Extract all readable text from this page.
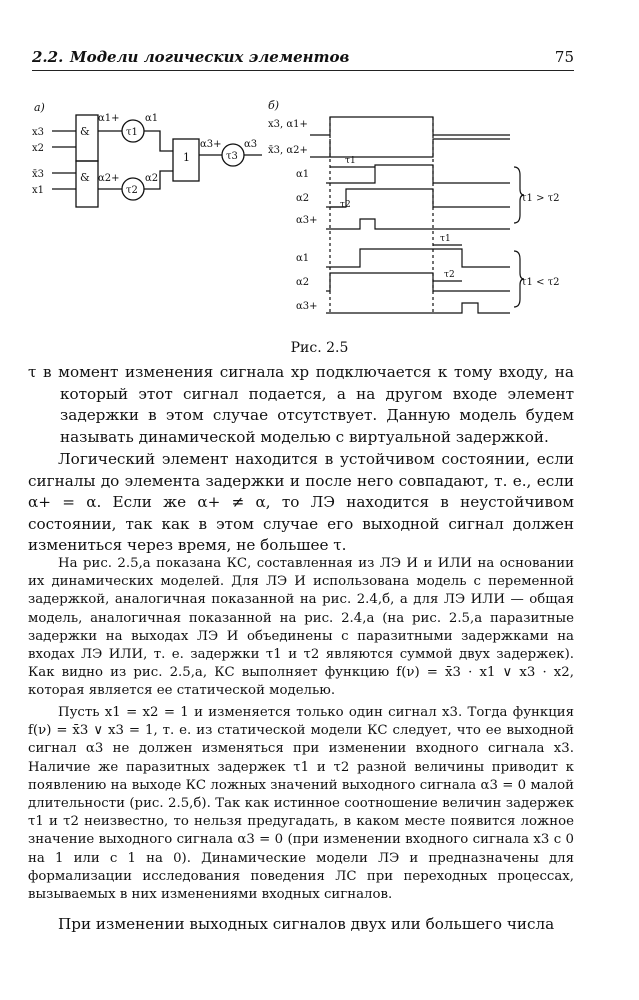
2.2. Модели логических элементов	75
а)
&
&
1
τ1
τ2
τ3
x3
x2
x̄3
x1
α1+
α2+
α1
α2
α3+ α3
б)
x3, α1+
x̄3, α2+
α1
α2
α3+
α1
α2
α3+
τ1
τ2
τ1
τ2
τ1 > τ2
τ1 < τ2
Рис. 2.5

τ в момент изменения сигнала xp подключается к тому входу, на который этот сигнал подается, а на другом входе элемент задержки в этом случае отсутствует. Данную модель будем называть динамической моделью с виртуальной задержкой.

Логический элемент находится в устойчивом состоянии, если сигналы до элемента задержки и после него совпадают, т. е., если α+ = α. Если же α+ ≠ α, то ЛЭ находится в неустойчивом состоянии, так как в этом случае его выходной сигнал должен измениться через время, не большее τ.

На рис. 2.5,а показана КС, составленная из ЛЭ И и ИЛИ на основании их динамических моделей. Для ЛЭ И использована модель с переменной задержкой, аналогичная показанной на рис. 2.4,б, а для ЛЭ ИЛИ — общая модель, аналогичная показанной на рис. 2.4,а (на рис. 2.5,а паразитные задержки на выходах ЛЭ И объединены с паразитными задержками на входах ЛЭ ИЛИ, т. е. задержки τ1 и τ2 являются суммой двух задержек). Как видно из рис. 2.5,а, КС выполняет функцию f(ν) = x̄3 · x1 ∨ x3 · x2, которая является ее статической моделью.

Пусть x1 = x2 = 1 и изменяется только один сигнал x3. Тогда функция f(ν) = x̄3 ∨ x3 = 1, т. е. из статической модели КС следует, что ее выходной сигнал α3 не должен изменяться при изменении входного сигнала x3. Наличие же паразитных задержек τ1 и τ2 разной величины приводит к появлению на выходе КС ложных значений выходного сигнала α3 = 0 малой длительности (рис. 2.5,б). Так как истинное соотношение величин задержек τ1 и τ2 неизвестно, то нельзя предугадать, в каком месте появится ложное значение выходного сигнала α3 = 0 (при изменении входного сигнала x3 с 0 на 1 или с 1 на 0). Динамические модели ЛЭ и предназначены для формализации исследования поведения ЛС при переходных процессах, вызываемых в них изменениями входных сигналов.

При изменении выходных сигналов двух или большего числа
